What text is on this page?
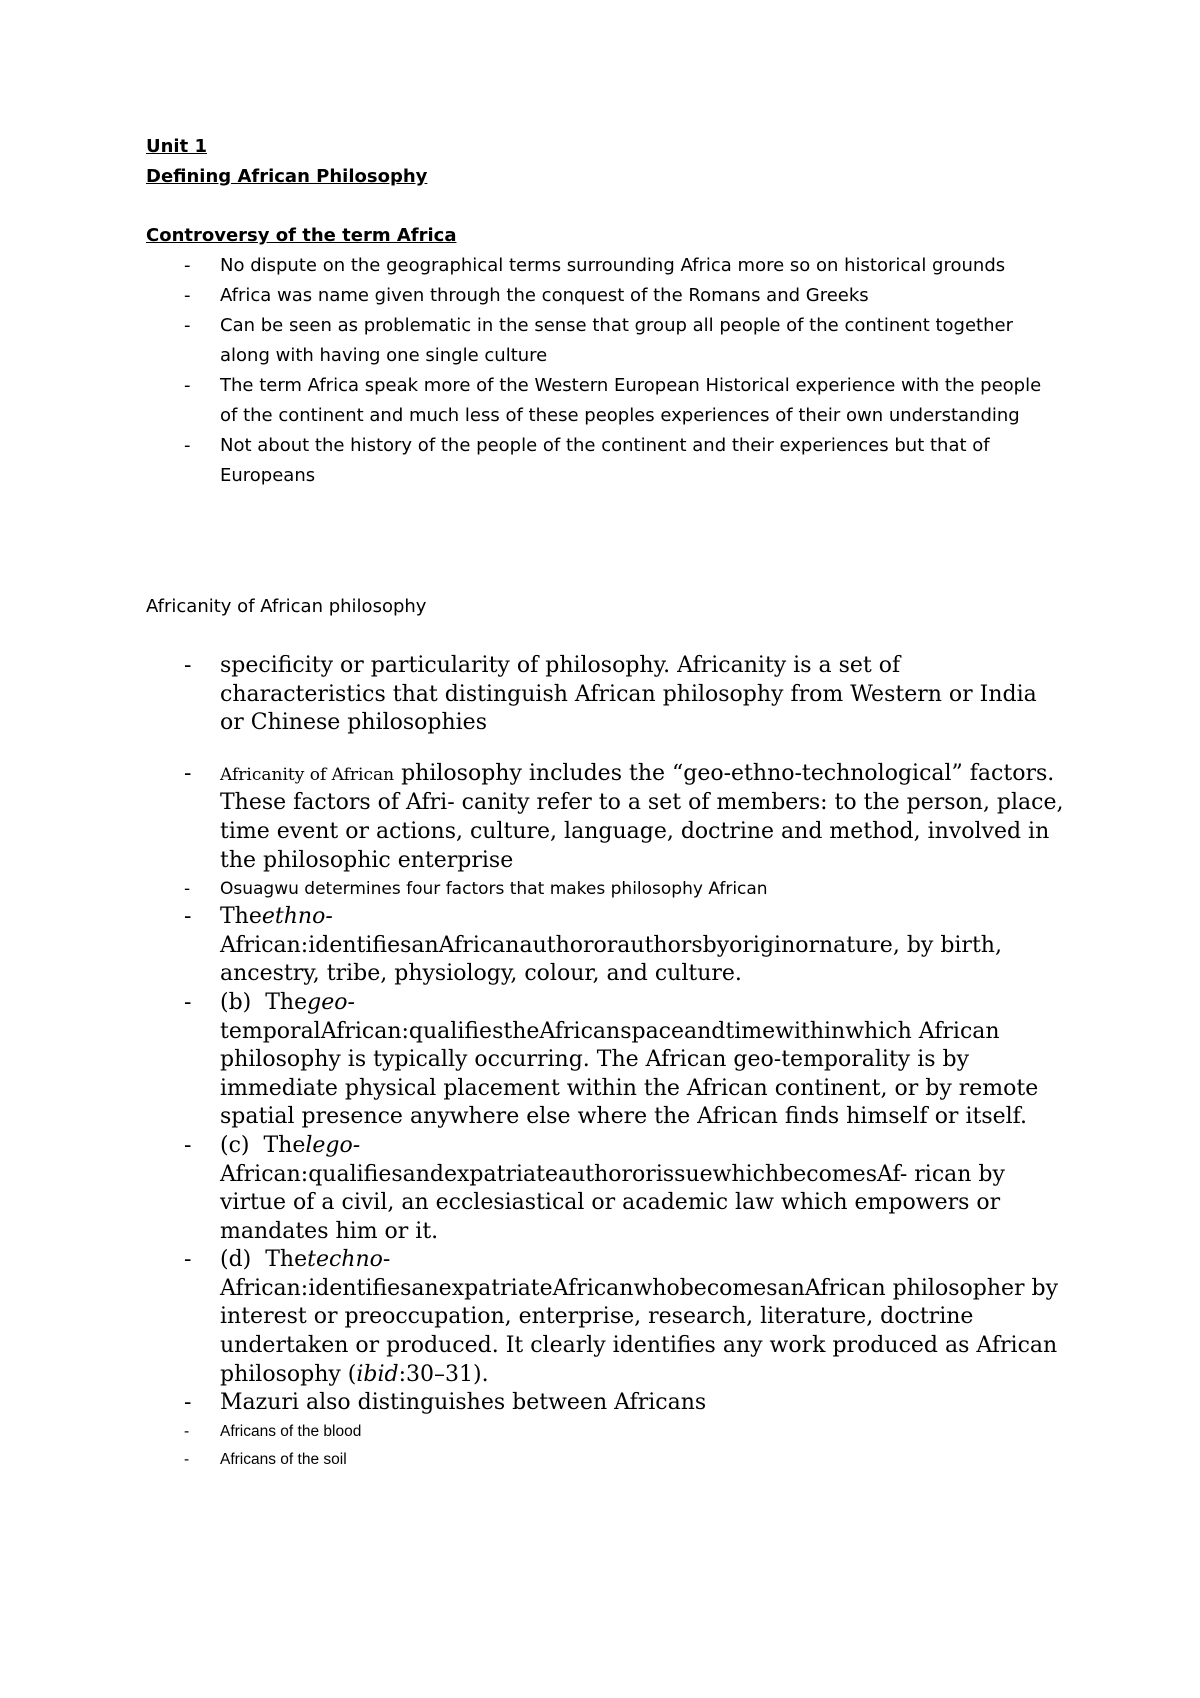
Unit 1
Defining African Philosophy
Controversy of the term Africa
- No dispute on the geographical terms surrounding Africa more so on historical grounds
- Africa was name given through the conquest of the Romans and Greeks
- Can be seen as problematic in the sense that group all people of the continent together along with having one single culture
- The term Africa speak more of the Western European Historical experience with the people of the continent and much less of these peoples experiences of their own understanding
- Not about the history of the people of the continent and their experiences but that of Europeans
Africanity of African philosophy
- specificity or particularity of philosophy. Africanity is a set of characteristics that distinguish African philosophy from Western or India or Chinese philosophies
- Africanity of African philosophy includes the “geo-ethno-technological” factors. These factors of Afri- canity refer to a set of members: to the person, place, time event or actions, culture, language, doctrine and method, involved in the philosophic enterprise
- Osuagwu determines four factors that makes philosophy African
- Theethno-
African:identifiesanAfricanauthororauthorsbyoriginornature, by birth, ancestry, tribe, physiology, colour, and culture.
- (b)  Thegeo-
temporalAfrican:qualifiestheAfricanspaceandtimewithinwhich African philosophy is typically occurring. The African geo-temporality is by immediate physical placement within the African continent, or by remote spatial presence anywhere else where the African finds himself or itself.
- (c)  Thelego-
African:qualifiesandexpatriateauthororissuewhichbecomesAf- rican by virtue of a civil, an ecclesiastical or academic law which empowers or mandates him or it.
- (d)  Thetechno-
African:identifiesanexpatriateAfricanwhobecomesanAfrican philosopher by interest or preoccupation, enterprise, research, literature, doctrine undertaken or produced. It clearly identifies any work produced as African philosophy (ibid:30–31).
- Mazuri also distinguishes between Africans
- Africans of the blood
- Africans of the soil
